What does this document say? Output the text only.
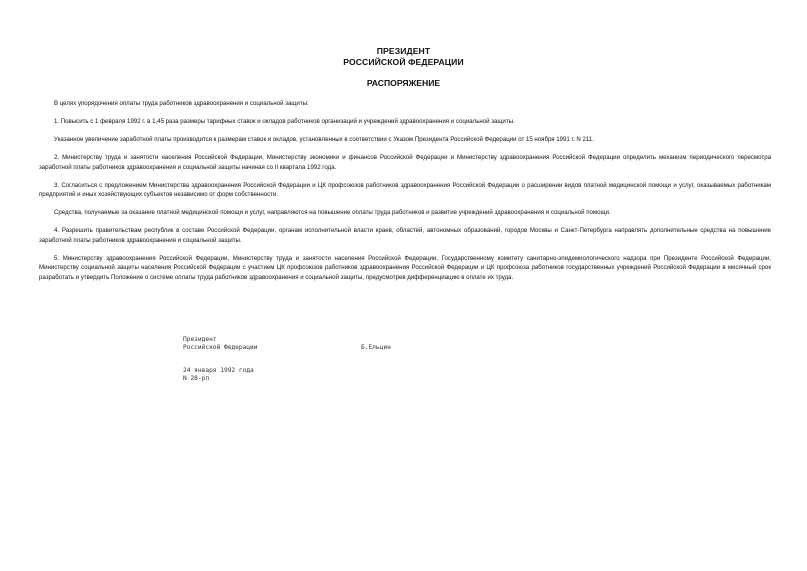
ПРЕЗИДЕНТ
РОССИЙСКОЙ ФЕДЕРАЦИИ
РАСПОРЯЖЕНИЕ

В целях упорядочения оплаты труда работников здравоохранения и социальной защиты:

1. Повысить с 1 февраля 1992 г. в 1,45 раза размеры тарифных ставок и окладов работников организаций и учреждений здравоохранения и социальной защиты.

Указанное увеличение заработной платы производится к размерам ставок и окладов, установленных в соответствии с Указом Президента Российской Федерации от 15 ноября 1991 г. N 211.

2. Министерству труда и занятости населения Российской Федерации, Министерству экономики и финансов Российской Федерации и Министерству здравоохранения Российской Федерации определить механизм периодического пересмотра заработной платы работников здравоохранения и социальной защиты начиная со II квартала 1992 года.

3. Согласиться с предложением Министерства здравоохранения Российской Федерации и ЦК профсоюзов работников здравоохранения Российской Федерации о расширении видов платной медицинской помощи и услуг, оказываемых работникам предприятий и иных хозяйствующих субъектов независимо от форм собственности.

Средства, получаемые за оказание платной медицинской помощи и услуг, направляются на повышение оплаты труда работников и развитие учреждений здравоохранения и социальной помощи.

4. Разрешить правительствам республик в составе Российской Федерации, органам исполнительной власти краев, областей, автономных образований, городов Москвы и Санкт-Петербурга направлять дополнительные средства на повышение заработной платы работников здравоохранения и социальной защиты.

5. Министерству здравоохранения Российской Федерации, Министерству труда и занятости населения Российской Федерации, Государственному комитету санитарно-эпидемиологического надзора при Президенте Российской Федерации, Министерству социальной защиты населения Российской Федерации с участием ЦК профсоюзов работников здравоохранения Российской Федерации и ЦК профсоюза работников государственных учреждений Российской Федерации в месячный срок разработать и утвердить Положение о системе оплаты труда работников здравоохранения и социальной защиты, предусмотрев дифференциацию в оплате их труда.

Президент
Российской Федерации	Б.Ельцин
24 января 1992 года
N 28-рп
